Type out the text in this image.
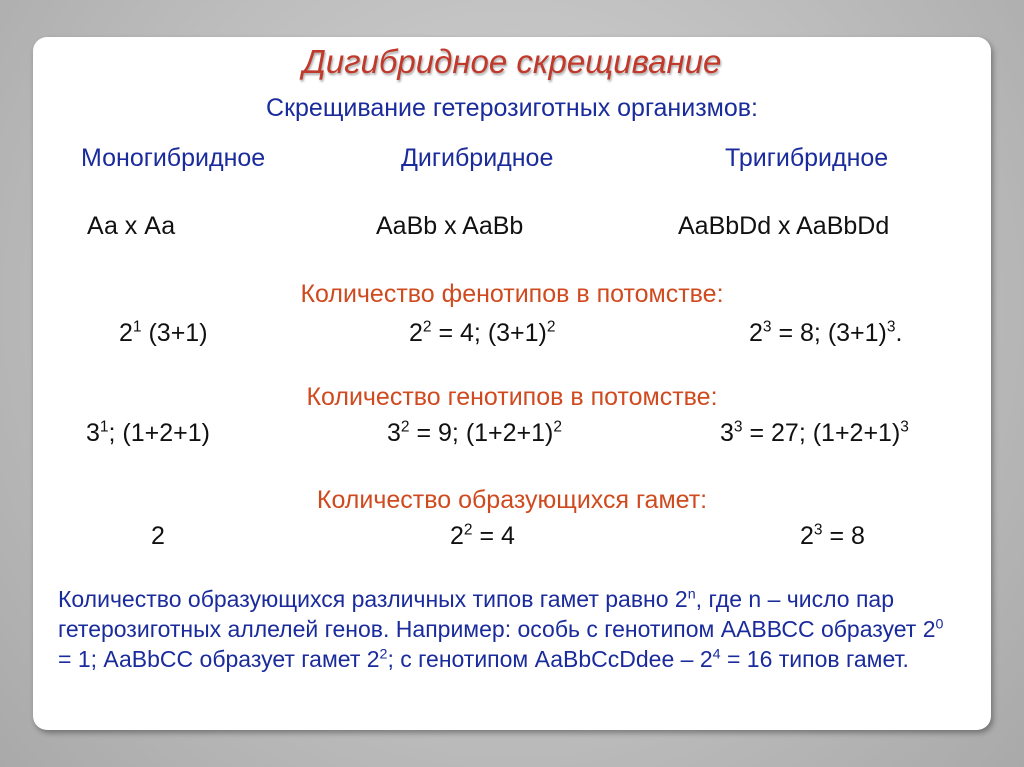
Дигибридное скрещивание
Скрещивание гетерозиготных организмов:
Моногибридное	Дигибридное	Тригибридное
Аа х Аа	AaBb x AaBb	AaBbDd x AaBbDd
Количество фенотипов в потомстве:
$2^1$ (3+1)	$2^2 = 4$; $(3+1)^2$	$2^3 = 8$; $(3+1)^3$.
Количество генотипов в потомстве:
$3^1$; (1+2+1)	$3^2 = 9$; $(1+2+1)^2$	$3^3 = 27$; $(1+2+1)^3$
Количество образующихся гамет:
2	$2^2 = 4$	$2^3 = 8$
Количество образующихся различных типов гамет равно 2$^n$, где n – число пар гетерозиготных аллелей генов. Например: особь с генотипом ААВВСС образует $2^0 = 1$; АаВbСС образует гамет $2^2$; с генотипом АаВbСcDdee – $2^4 = 16$ типов гамет.
